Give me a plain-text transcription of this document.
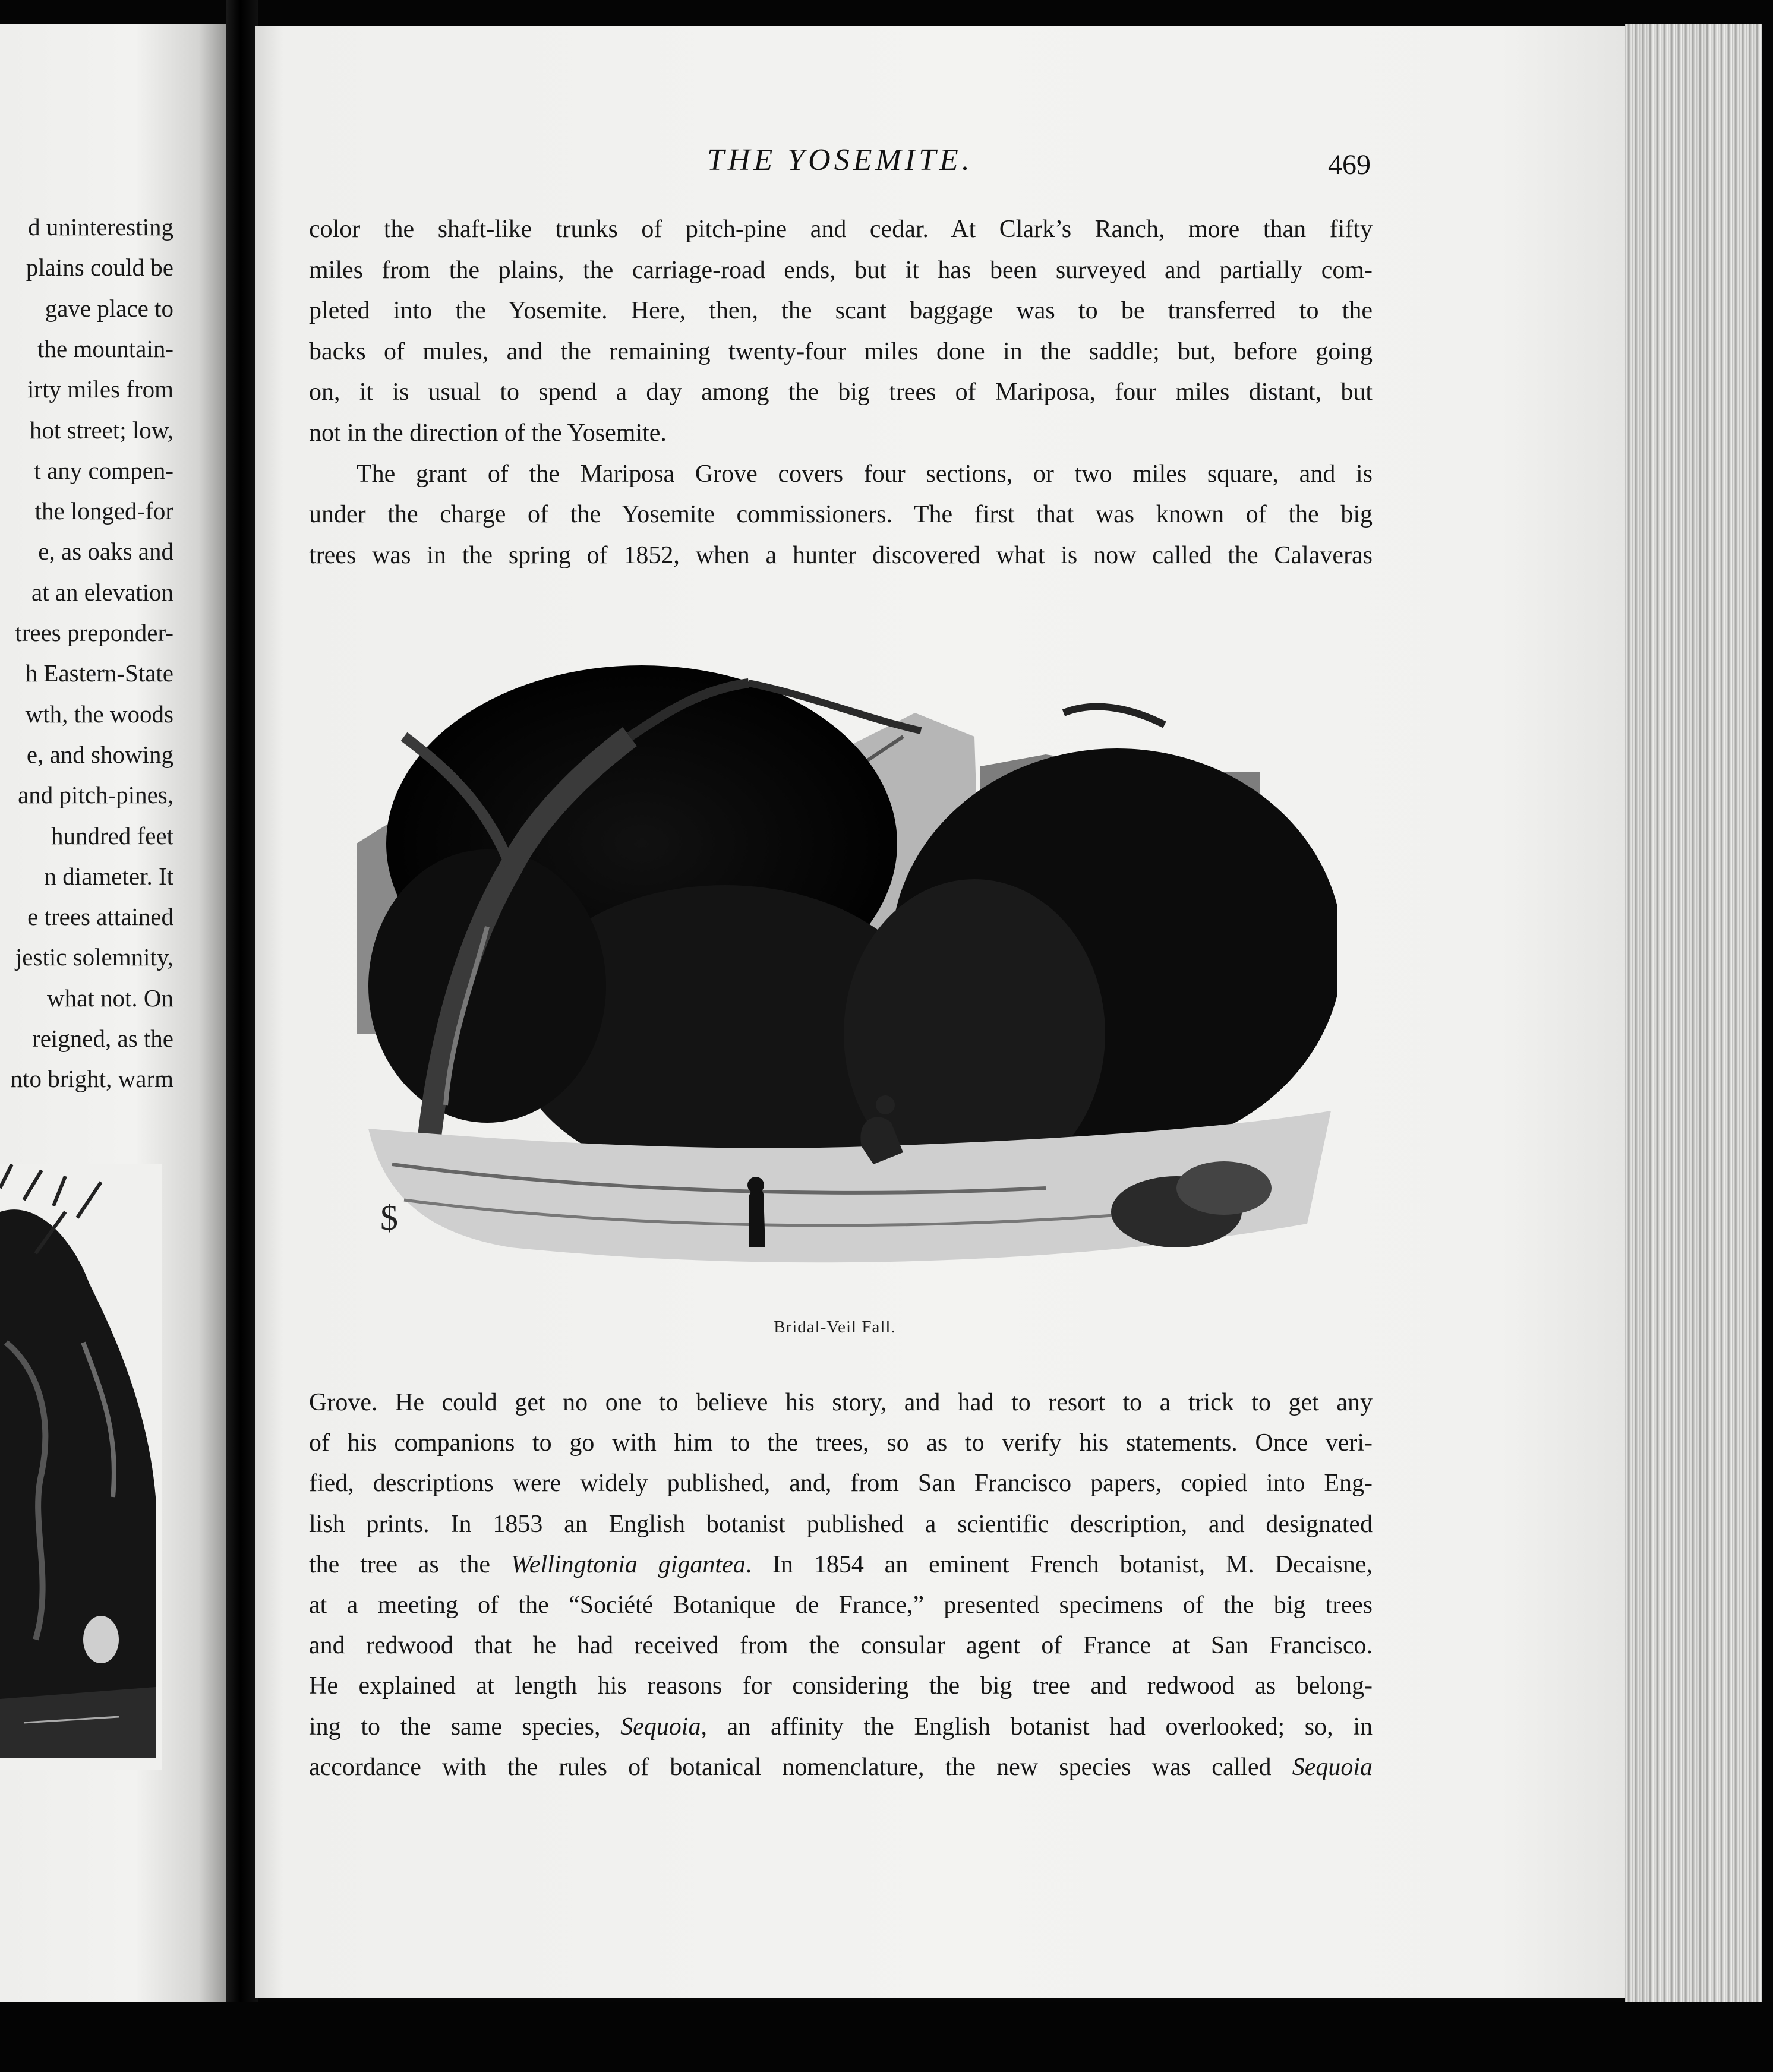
d uninteresting
plains could be
gave place to
the mountain-
irty miles from
hot street; low,
t any compen-
the longed-for
e, as oaks and
at an elevation
trees preponder-
h Eastern-State
wth, the woods
e, and showing
and pitch-pines,
hundred feet
n diameter. It
e trees attained
jestic solemnity,
what not. On
reigned, as the
nto bright, warm
THE YOSEMITE.	469
color the shaft-like trunks of pitch-pine and cedar. At Clark’s Ranch, more than fifty
miles from the plains, the carriage-road ends, but it has been surveyed and partially com-
pleted into the Yosemite. Here, then, the scant baggage was to be transferred to the
backs of mules, and the remaining twenty-four miles done in the saddle; but, before going
on, it is usual to spend a day among the big trees of Mariposa, four miles distant, but
not in the direction of the Yosemite.
The grant of the Mariposa Grove covers four sections, or two miles square, and is
under the charge of the Yosemite commissioners. The first that was known of the big
trees was in the spring of 1852, when a hunter discovered what is now called the Calaveras
$
Bridal-Veil Fall.
Grove. He could get no one to believe his story, and had to resort to a trick to get any
of his companions to go with him to the trees, so as to verify his statements. Once veri-
fied, descriptions were widely published, and, from San Francisco papers, copied into Eng-
lish prints. In 1853 an English botanist published a scientific description, and designated
the tree as the Wellingtonia gigantea. In 1854 an eminent French botanist, M. Decaisne,
at a meeting of the “Société Botanique de France,” presented specimens of the big trees
and redwood that he had received from the consular agent of France at San Francisco.
He explained at length his reasons for considering the big tree and redwood as belong-
ing to the same species, Sequoia, an affinity the English botanist had overlooked; so, in
accordance with the rules of botanical nomenclature, the new species was called Sequoia
